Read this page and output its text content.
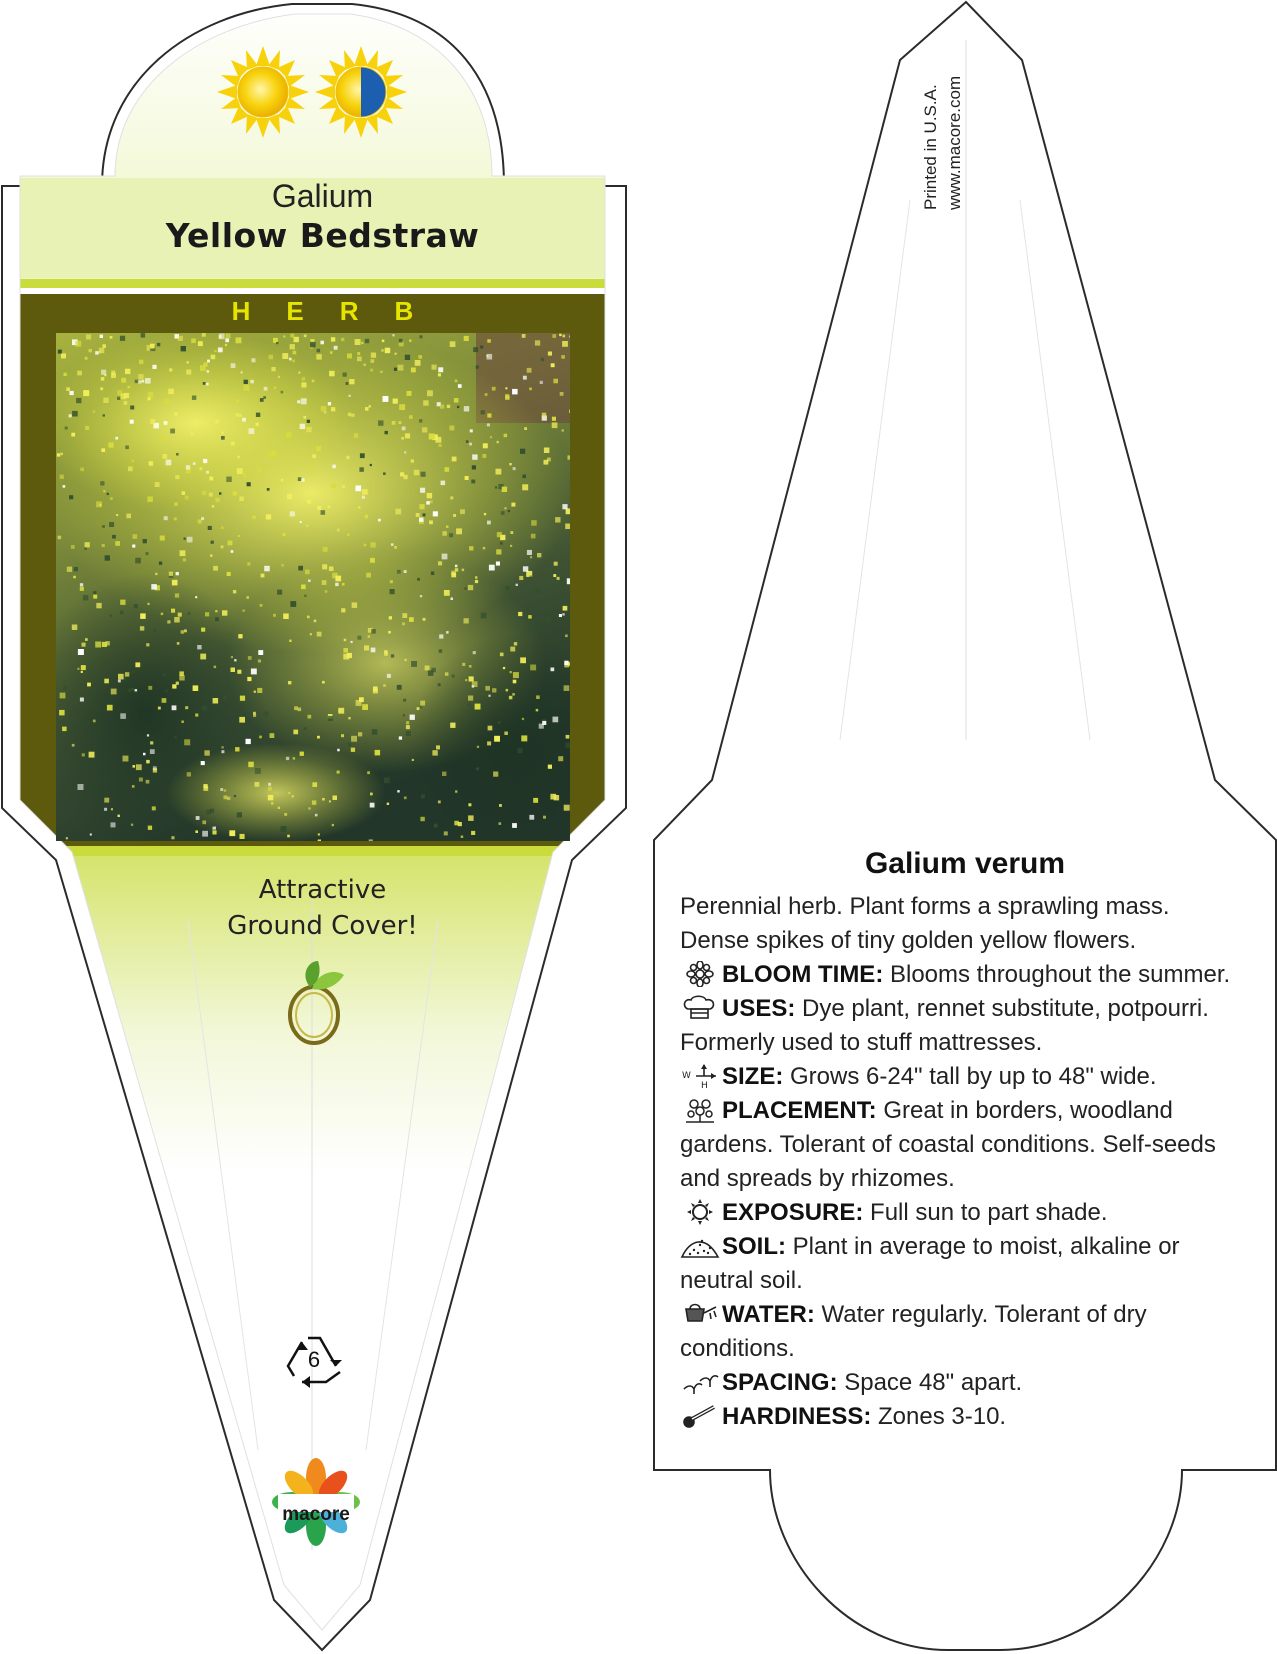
Galium
Yellow Bedstraw
HERB
Attractive
Ground Cover!
6
macore
Printed in U.S.A. www.macore.com
Galium verum
Perennial herb. Plant forms a sprawling mass. Dense spikes of tiny golden yellow flowers.
BLOOM TIME: Blooms throughout the summer.
USES: Dye plant, rennet substitute, potpourri. Formerly used to stuff mattresses.
W
H SIZE: Grows 6-24" tall by up to 48" wide.
PLACEMENT: Great in borders, woodland gardens. Tolerant of coastal conditions. Self-seeds and spreads by rhizomes.
EXPOSURE: Full sun to part shade.
SOIL: Plant in average to moist, alkaline or neutral soil.
WATER: Water regularly. Tolerant of dry conditions.
SPACING: Space 48" apart.
HARDINESS: Zones 3-10.
